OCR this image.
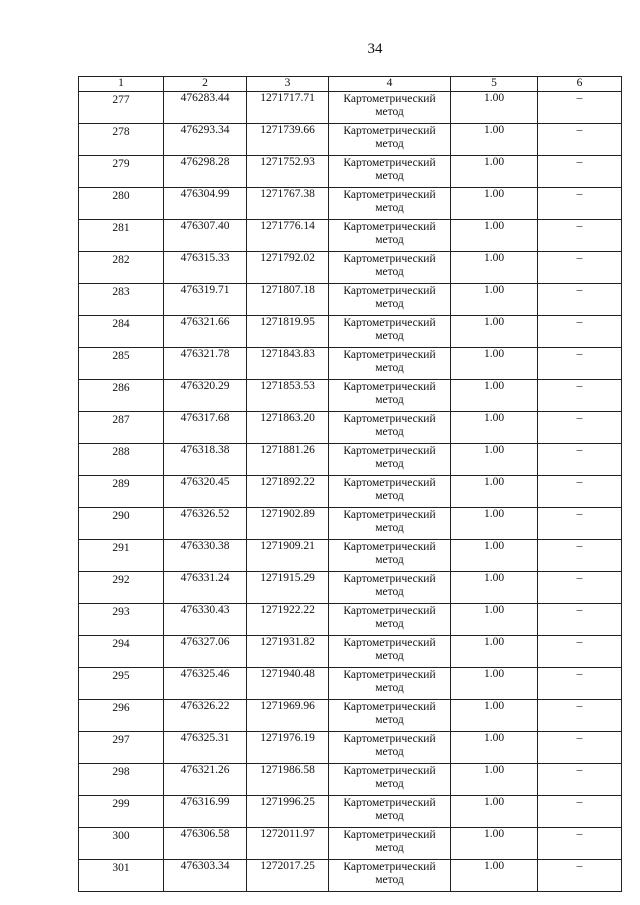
34
1	2	3	4	5	6
277	476283.44	1271717.71	Картометрический метод	1.00	–
278	476293.34	1271739.66	Картометрический метод	1.00	–
279	476298.28	1271752.93	Картометрический метод	1.00	–
280	476304.99	1271767.38	Картометрический метод	1.00	–
281	476307.40	1271776.14	Картометрический метод	1.00	–
282	476315.33	1271792.02	Картометрический метод	1.00	–
283	476319.71	1271807.18	Картометрический метод	1.00	–
284	476321.66	1271819.95	Картометрический метод	1.00	–
285	476321.78	1271843.83	Картометрический метод	1.00	–
286	476320.29	1271853.53	Картометрический метод	1.00	–
287	476317.68	1271863.20	Картометрический метод	1.00	–
288	476318.38	1271881.26	Картометрический метод	1.00	–
289	476320.45	1271892.22	Картометрический метод	1.00	–
290	476326.52	1271902.89	Картометрический метод	1.00	–
291	476330.38	1271909.21	Картометрический метод	1.00	–
292	476331.24	1271915.29	Картометрический метод	1.00	–
293	476330.43	1271922.22	Картометрический метод	1.00	–
294	476327.06	1271931.82	Картометрический метод	1.00	–
295	476325.46	1271940.48	Картометрический метод	1.00	–
296	476326.22	1271969.96	Картометрический метод	1.00	–
297	476325.31	1271976.19	Картометрический метод	1.00	–
298	476321.26	1271986.58	Картометрический метод	1.00	–
299	476316.99	1271996.25	Картометрический метод	1.00	–
300	476306.58	1272011.97	Картометрический метод	1.00	–
301	476303.34	1272017.25	Картометрический метод	1.00	–
